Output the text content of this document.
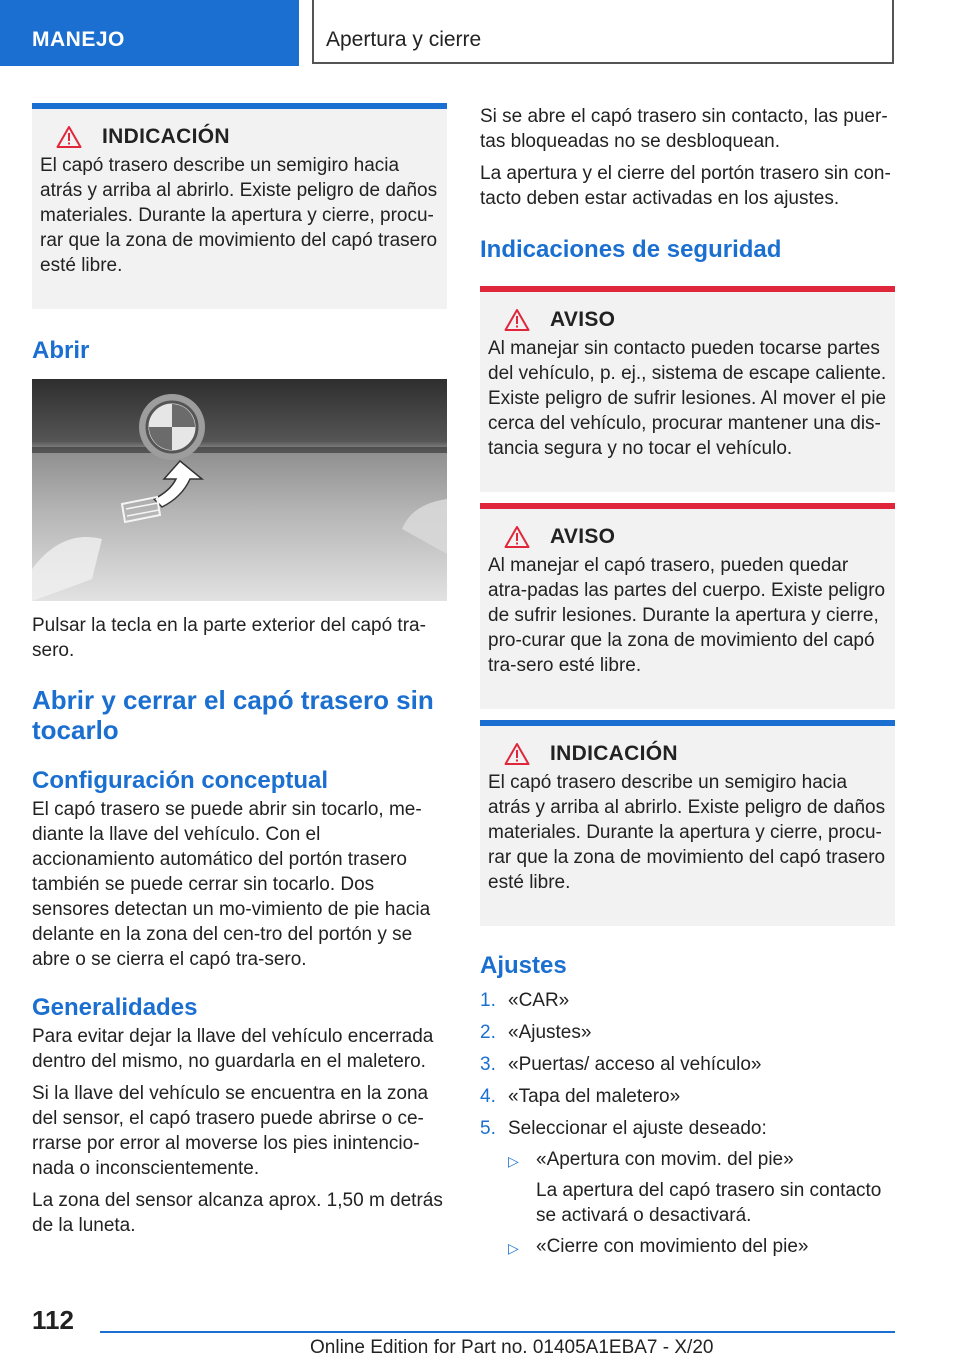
MANEJO	Apertura y cierre
INDICACIÓN

El capó trasero describe un semigiro hacia atrás y arriba al abrirlo. Existe peligro de daños materiales. Durante la apertura y cierre, procu-rar que la zona de movimiento del capó trasero esté libre.

Abrir

Pulsar la tecla en la parte exterior del capó tra-sero.

Abrir y cerrar el capó trasero sin tocarlo
Configuración conceptual

El capó trasero se puede abrir sin tocarlo, me-diante la llave del vehículo. Con el accionamiento automático del portón trasero también se puede cerrar sin tocarlo. Dos sensores detectan un mo-vimiento de pie hacia delante en la zona del cen-tro del portón y se abre o se cierra el capó tra-sero.

Generalidades

Para evitar dejar la llave del vehículo encerrada dentro del mismo, no guardarla en el maletero.

Si la llave del vehículo se encuentra en la zona del sensor, el capó trasero puede abrirse o ce-rrarse por error al moverse los pies inintencio-nada o inconscientemente.

La zona del sensor alcanza aprox. 1,50 m detrás de la luneta.

Si se abre el capó trasero sin contacto, las puer-tas bloqueadas no se desbloquean.

La apertura y el cierre del portón trasero sin con-tacto deben estar activadas en los ajustes.

Indicaciones de seguridad
AVISO

Al manejar sin contacto pueden tocarse partes del vehículo, p. ej., sistema de escape caliente. Existe peligro de sufrir lesiones. Al mover el pie cerca del vehículo, procurar mantener una dis-tancia segura y no tocar el vehículo.

AVISO

Al manejar el capó trasero, pueden quedar atra-padas las partes del cuerpo. Existe peligro de sufrir lesiones. Durante la apertura y cierre, pro-curar que la zona de movimiento del capó tra-sero esté libre.

INDICACIÓN

El capó trasero describe un semigiro hacia atrás y arriba al abrirlo. Existe peligro de daños materiales. Durante la apertura y cierre, procu-rar que la zona de movimiento del capó trasero esté libre.

Ajustes
1. «CAR»
2. «Ajustes»
3. «Puertas/ acceso al vehículo»
4. «Tapa del maletero»
5. Seleccionar el ajuste deseado:
▷ «Apertura con movim. del pie»
La apertura del capó trasero sin contacto se activará o desactivará.
▷ «Cierre con movimiento del pie»
112
Online Edition for Part no. 01405A1EBA7 - X/20
